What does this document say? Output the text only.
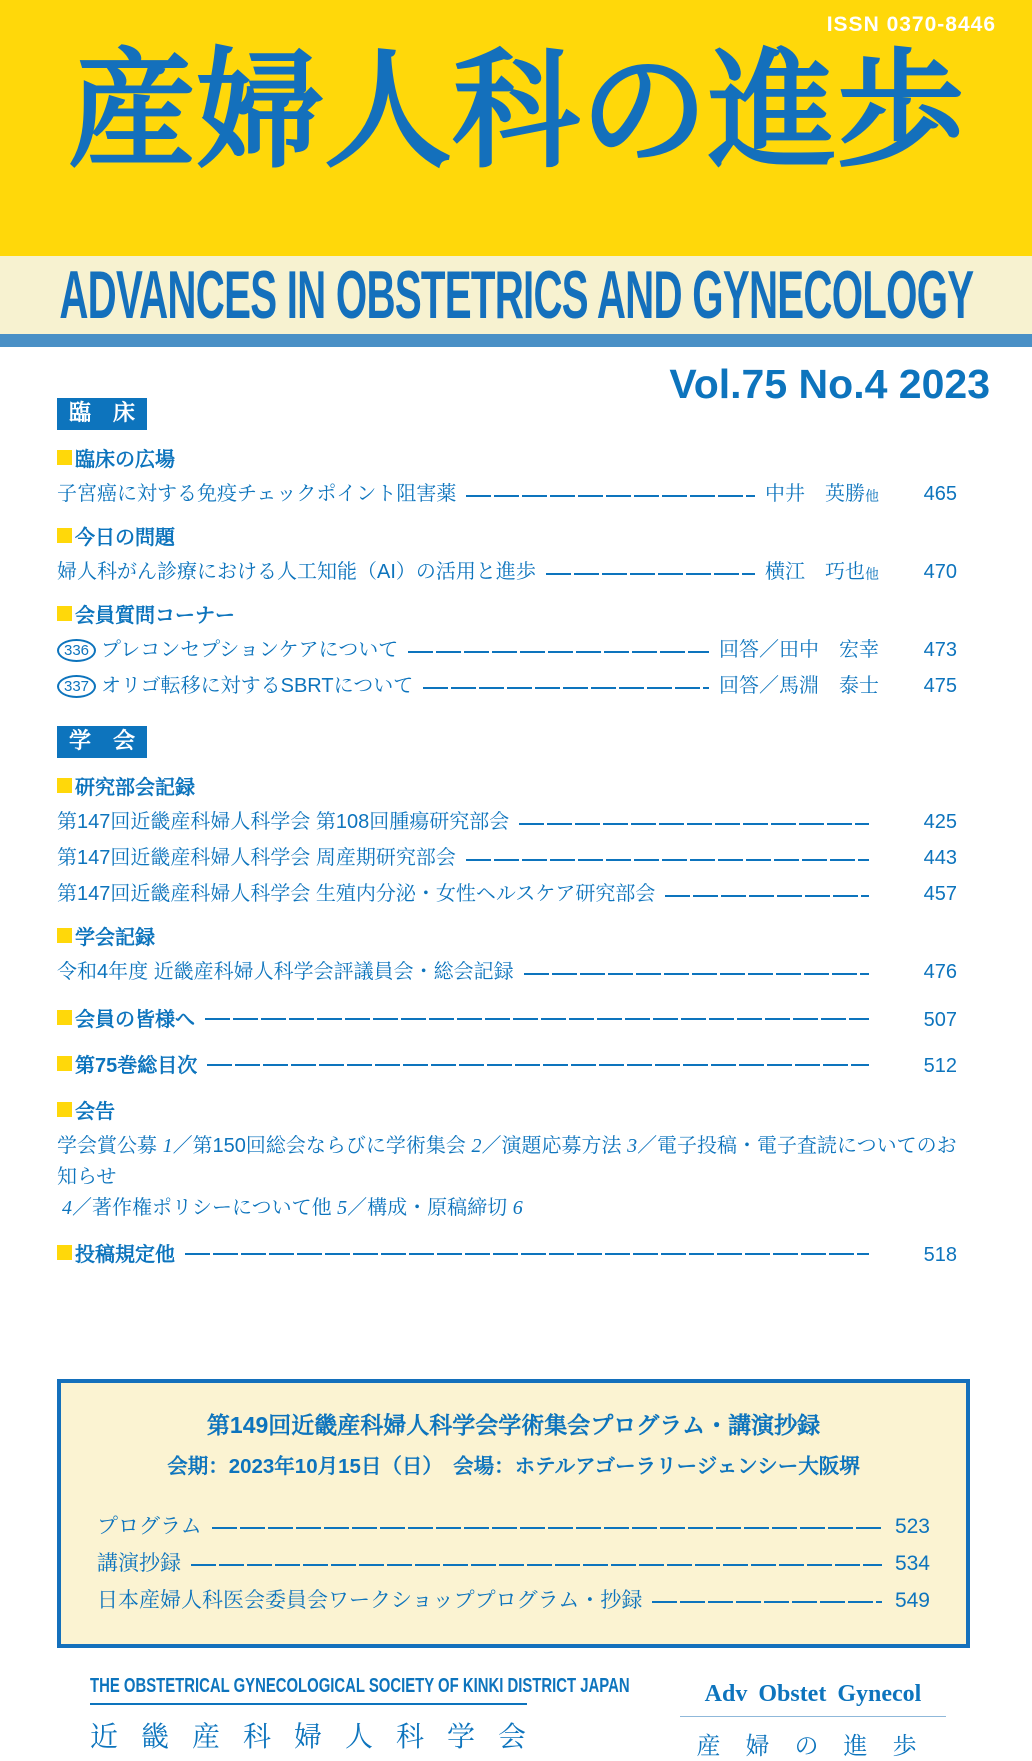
ISSN 0370-8446
産婦人科の進歩
ADVANCES IN OBSTETRICS AND GYNECOLOGY
Vol.75 No.4 2023
臨　床
臨床の広場
子宮癌に対する免疫チェックポイント阻害薬	中井　英勝 他	465
今日の問題
婦人科がん診療における人工知能（AI）の活用と進歩	横江　巧也 他	470
会員質問コーナー
336 プレコンセプションケアについて	回答／田中　宏幸	473
337 オリゴ転移に対するSBRTについて	回答／馬淵　泰士	475
学　会
研究部会記録
第147回近畿産科婦人科学会 第108回腫瘍研究部会	425
第147回近畿産科婦人科学会 周産期研究部会	443
第147回近畿産科婦人科学会 生殖内分泌・女性ヘルスケア研究部会	457
学会記録
令和4年度 近畿産科婦人科学会評議員会・総会記録	476
会員の皆様へ	507
第75巻総目次	512
会告
学会賞公募 1／第150回総会ならびに学術集会 2／演題応募方法 3／電子投稿・電子査読についてのお知らせ
4／著作権ポリシーについて他 5／構成・原稿締切 6
投稿規定他	518
第149回近畿産科婦人科学会学術集会プログラム・講演抄録
会期：2023年10月15日（日）　会場：ホテルアゴーラリージェンシー大阪堺
プログラム	523
講演抄録	534
日本産婦人科医会委員会ワークショッププログラム・抄録	549
THE OBSTETRICAL GYNECOLOGICAL SOCIETY OF KINKI DISTRICT JAPAN
近畿産科婦人科学会
Adv Obstet Gynecol
産婦の進歩
